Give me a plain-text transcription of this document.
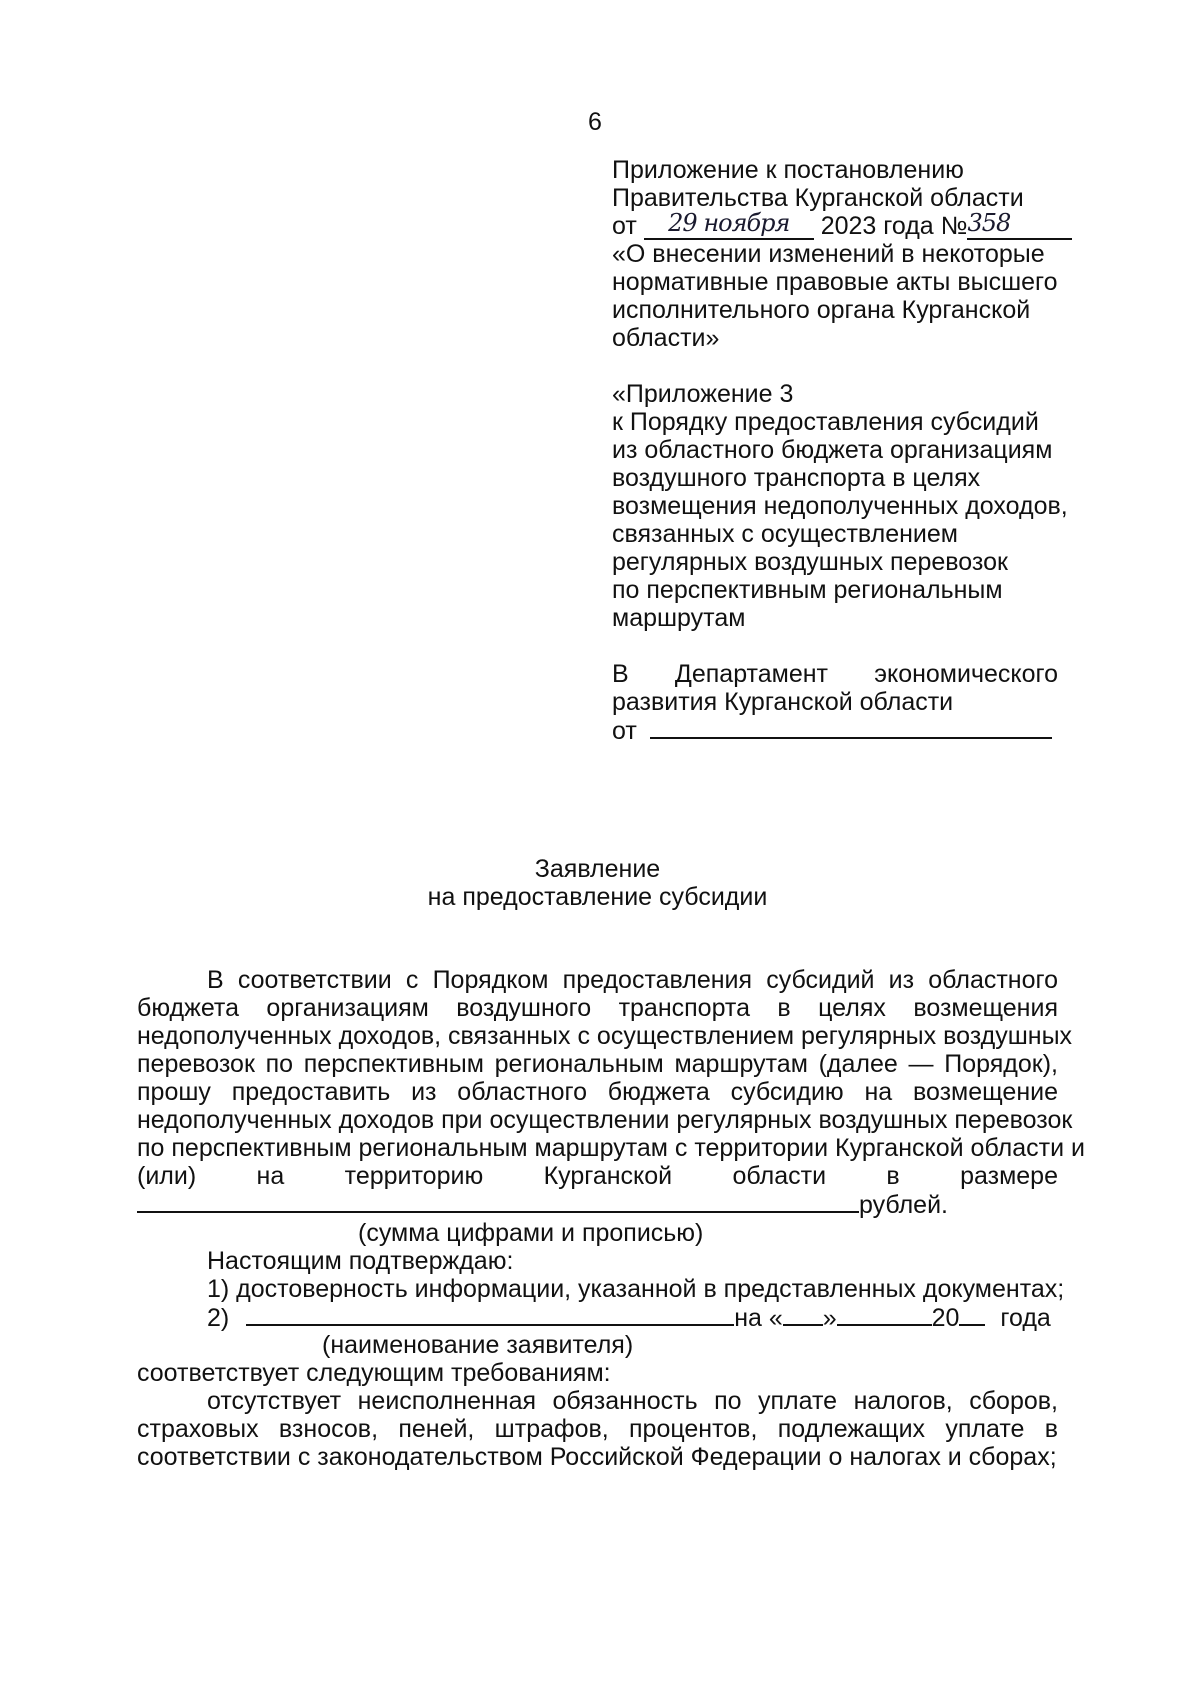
6
Приложение к постановлению
Правительства Курганской области
от 29 ноября 2023 года №358
«О внесении изменений в некоторые
нормативные правовые акты высшего
исполнительного органа Курганской
области»
«Приложение 3
к Порядку предоставления субсидий
из областного бюджета организациям
воздушного транспорта в целях
возмещения недополученных доходов,
связанных с осуществлением
регулярных воздушных перевозок
по перспективным региональным
маршрутам
В Департамент экономического
развития Курганской области
от
Заявление
на предоставление субсидии
В соответствии с Порядком предоставления субсидий из областного
бюджета организациям воздушного транспорта в целях возмещения
недополученных доходов, связанных с осуществлением регулярных воздушных
перевозок по перспективным региональным маршрутам (далее — Порядок),
прошу предоставить из областного бюджета субсидию на возмещение
недополученных доходов при осуществлении регулярных воздушных перевозок
по перспективным региональным маршрутам с территории Курганской области и
(или) на территорию Курганской области в размере
рублей.
(сумма цифрами и прописью)
Настоящим подтверждаю:
1) достоверность информации, указанной в представленных документах;
2)	на « »	20 года
(наименование заявителя)
соответствует следующим требованиям:
отсутствует неисполненная обязанность по уплате налогов, сборов,
страховых взносов, пеней, штрафов, процентов, подлежащих уплате в
соответствии с законодательством Российской Федерации о налогах и сборах;
